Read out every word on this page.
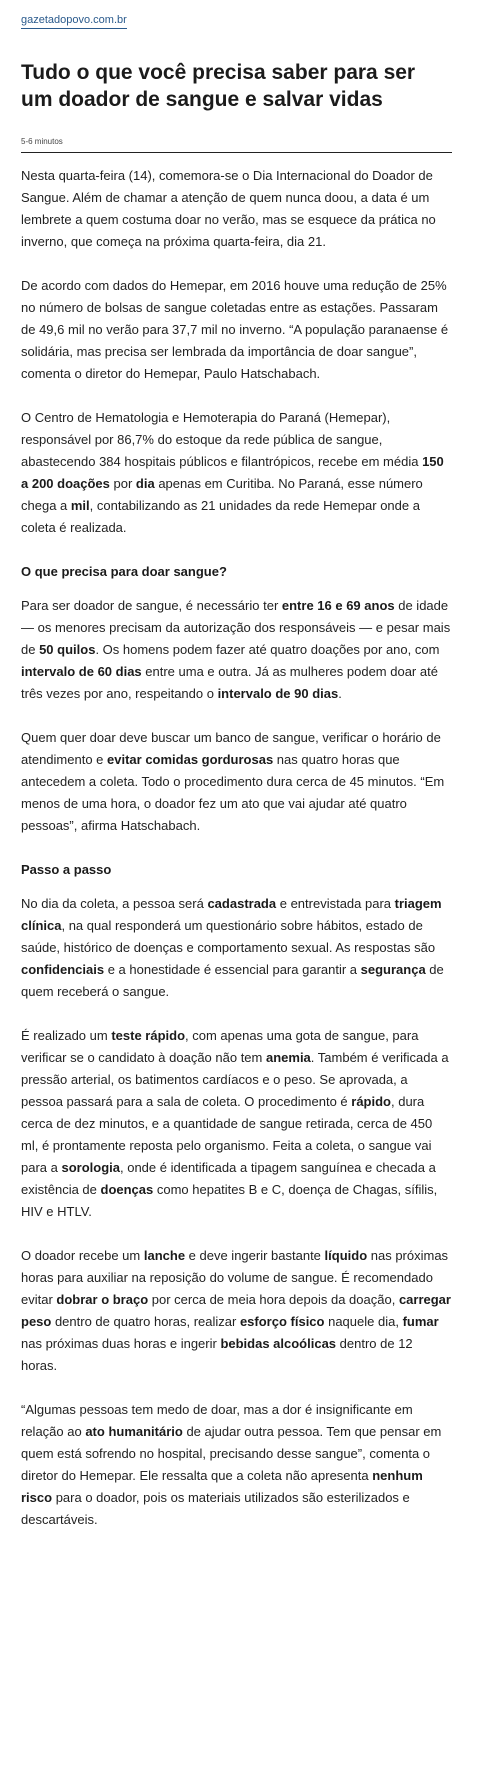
gazetadopovo.com.br
Tudo o que você precisa saber para ser um doador de sangue e salvar vidas
5-6 minutos

Nesta quarta-feira (14), comemora-se o Dia Internacional do Doador de Sangue. Além de chamar a atenção de quem nunca doou, a data é um lembrete a quem costuma doar no verão, mas se esquece da prática no inverno, que começa na próxima quarta-feira, dia 21.

De acordo com dados do Hemepar, em 2016 houve uma redução de 25% no número de bolsas de sangue coletadas entre as estações. Passaram de 49,6 mil no verão para 37,7 mil no inverno. “A população paranaense é solidária, mas precisa ser lembrada da importância de doar sangue”, comenta o diretor do Hemepar, Paulo Hatschabach.

O Centro de Hematologia e Hemoterapia do Paraná (Hemepar), responsável por 86,7% do estoque da rede pública de sangue, abastecendo 384 hospitais públicos e filantrópicos, recebe em média 150 a 200 doações por dia apenas em Curitiba. No Paraná, esse número chega a mil, contabilizando as 21 unidades da rede Hemepar onde a coleta é realizada.

O que precisa para doar sangue?

Para ser doador de sangue, é necessário ter entre 16 e 69 anos de idade — os menores precisam da autorização dos responsáveis — e pesar mais de 50 quilos. Os homens podem fazer até quatro doações por ano, com intervalo de 60 dias entre uma e outra. Já as mulheres podem doar até três vezes por ano, respeitando o intervalo de 90 dias.

Quem quer doar deve buscar um banco de sangue, verificar o horário de atendimento e evitar comidas gordurosas nas quatro horas que antecedem a coleta. Todo o procedimento dura cerca de 45 minutos. “Em menos de uma hora, o doador fez um ato que vai ajudar até quatro pessoas”, afirma Hatschabach.

Passo a passo

No dia da coleta, a pessoa será cadastrada e entrevistada para triagem clínica, na qual responderá um questionário sobre hábitos, estado de saúde, histórico de doenças e comportamento sexual. As respostas são confidenciais e a honestidade é essencial para garantir a segurança de quem receberá o sangue.

É realizado um teste rápido, com apenas uma gota de sangue, para verificar se o candidato à doação não tem anemia. Também é verificada a pressão arterial, os batimentos cardíacos e o peso. Se aprovada, a pessoa passará para a sala de coleta. O procedimento é rápido, dura cerca de dez minutos, e a quantidade de sangue retirada, cerca de 450 ml, é prontamente reposta pelo organismo. Feita a coleta, o sangue vai para a sorologia, onde é identificada a tipagem sanguínea e checada a existência de doenças como hepatites B e C, doença de Chagas, sífilis, HIV e HTLV.

O doador recebe um lanche e deve ingerir bastante líquido nas próximas horas para auxiliar na reposição do volume de sangue. É recomendado evitar dobrar o braço por cerca de meia hora depois da doação, carregar peso dentro de quatro horas, realizar esforço físico naquele dia, fumar nas próximas duas horas e ingerir bebidas alcoólicas dentro de 12 horas.

“Algumas pessoas tem medo de doar, mas a dor é insignificante em relação ao ato humanitário de ajudar outra pessoa. Tem que pensar em quem está sofrendo no hospital, precisando desse sangue”, comenta o diretor do Hemepar. Ele ressalta que a coleta não apresenta nenhum risco para o doador, pois os materiais utilizados são esterilizados e descartáveis.
